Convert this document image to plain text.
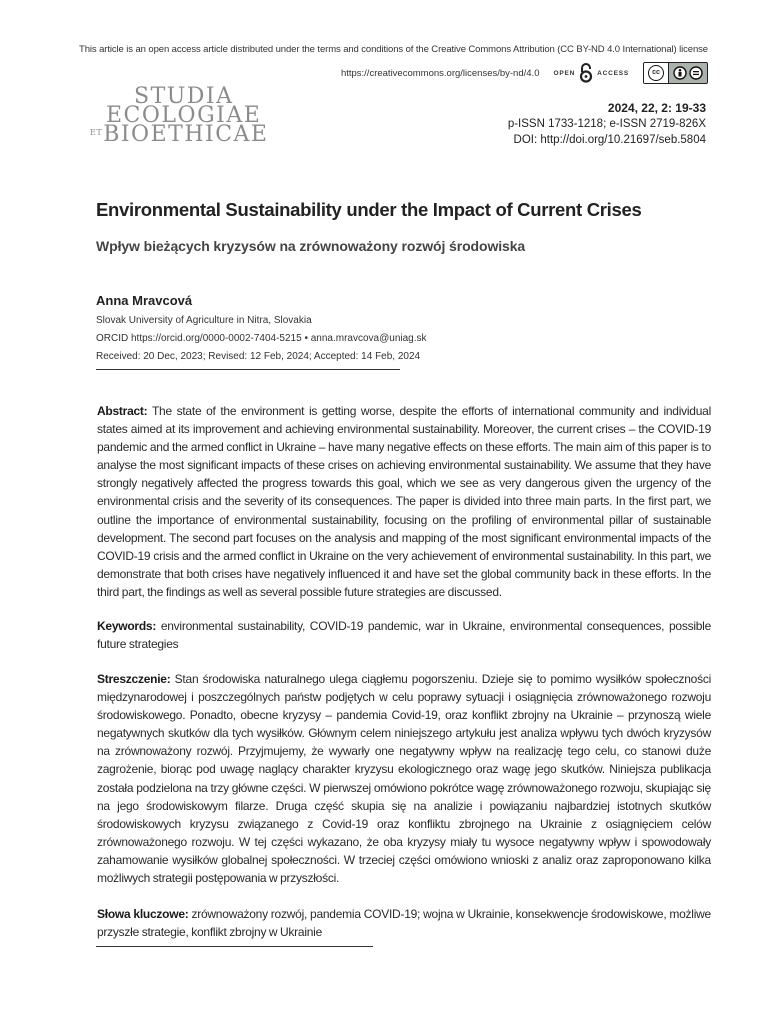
This article is an open access article distributed under the terms and conditions of the Creative Commons Attribution (CC BY-ND 4.0 International) license
https://creativecommons.org/licenses/by-nd/4.0 OPEN	ACCESS	cc
STUDIA
ECOLOGIAE
$^{ET}$BIOETHICAE
2024, 22, 2: 19-33
p-ISSN 1733-1218; e-ISSN 2719-826X
DOI: http://doi.org/10.21697/seb.5804
Environmental Sustainability under the Impact of Current Crises
Wpływ bieżących kryzysów na zrównoważony rozwój środowiska
Anna Mravcová
Slovak University of Agriculture in Nitra, Slovakia
ORCID https://orcid.org/0000-0002-7404-5215 • anna.mravcova@uniag.sk
Received: 20 Dec, 2023; Revised: 12 Feb, 2024; Accepted: 14 Feb, 2024
Abstract: The state of the environment is getting worse, despite the efforts of international community and individual states aimed at its improvement and achieving environmental sustainability. Moreover, the current crises – the COVID-19 pandemic and the armed conflict in Ukraine – have many negative effects on these efforts. The main aim of this paper is to analyse the most significant impacts of these crises on achieving environmental sustainability. We assume that they have strongly negatively affected the progress towards this goal, which we see as very dangerous given the urgency of the environmental crisis and the severity of its consequences. The paper is divided into three main parts. In the first part, we outline the importance of environmental sustainability, focusing on the profiling of environmental pillar of sustainable development. The second part focuses on the analysis and mapping of the most significant environmental impacts of the COVID-19 crisis and the armed conflict in Ukraine on the very achievement of environmental sustainability. In this part, we demonstrate that both crises have negatively influenced it and have set the global community back in these efforts. In the third part, the findings as well as several possible future strategies are discussed.
Keywords: environmental sustainability, COVID-19 pandemic, war in Ukraine, environmental consequences, possible future strategies
Streszczenie: Stan środowiska naturalnego ulega ciągłemu pogorszeniu. Dzieje się to pomimo wysiłków społeczności międzynarodowej i poszczególnych państw podjętych w celu poprawy sytuacji i osiągnięcia zrównoważonego rozwoju środowiskowego. Ponadto, obecne kryzysy – pandemia Covid-19, oraz konflikt zbrojny na Ukrainie – przynoszą wiele negatywnych skutków dla tych wysiłków. Głównym celem niniejszego artykułu jest analiza wpływu tych dwóch kryzysów na zrównoważony rozwój. Przyjmujemy, że wywarły one negatywny wpływ na realizację tego celu, co stanowi duże zagrożenie, biorąc pod uwagę naglący charakter kryzysu ekologicznego oraz wagę jego skutków. Niniejsza publikacja została podzielona na trzy główne części. W pierwszej omówiono pokrótce wagę zrównoważonego rozwoju, skupiając się na jego środowiskowym filarze. Druga część skupia się na analizie i powiązaniu najbardziej istotnych skutków środowiskowych kryzysu związanego z Covid-19 oraz konfliktu zbrojnego na Ukrainie z osiągnięciem celów zrównoważonego rozwoju. W tej części wykazano, że oba kryzysy miały tu wysoce negatywny wpływ i spowodowały zahamowanie wysiłków globalnej społeczności. W trzeciej części omówiono wnioski z analiz oraz zaproponowano kilka możliwych strategii postępowania w przyszłości.
Słowa kluczowe: zrównoważony rozwój, pandemia COVID-19; wojna w Ukrainie, konsekwencje środowiskowe, możliwe przyszłe strategie, konflikt zbrojny w Ukrainie
